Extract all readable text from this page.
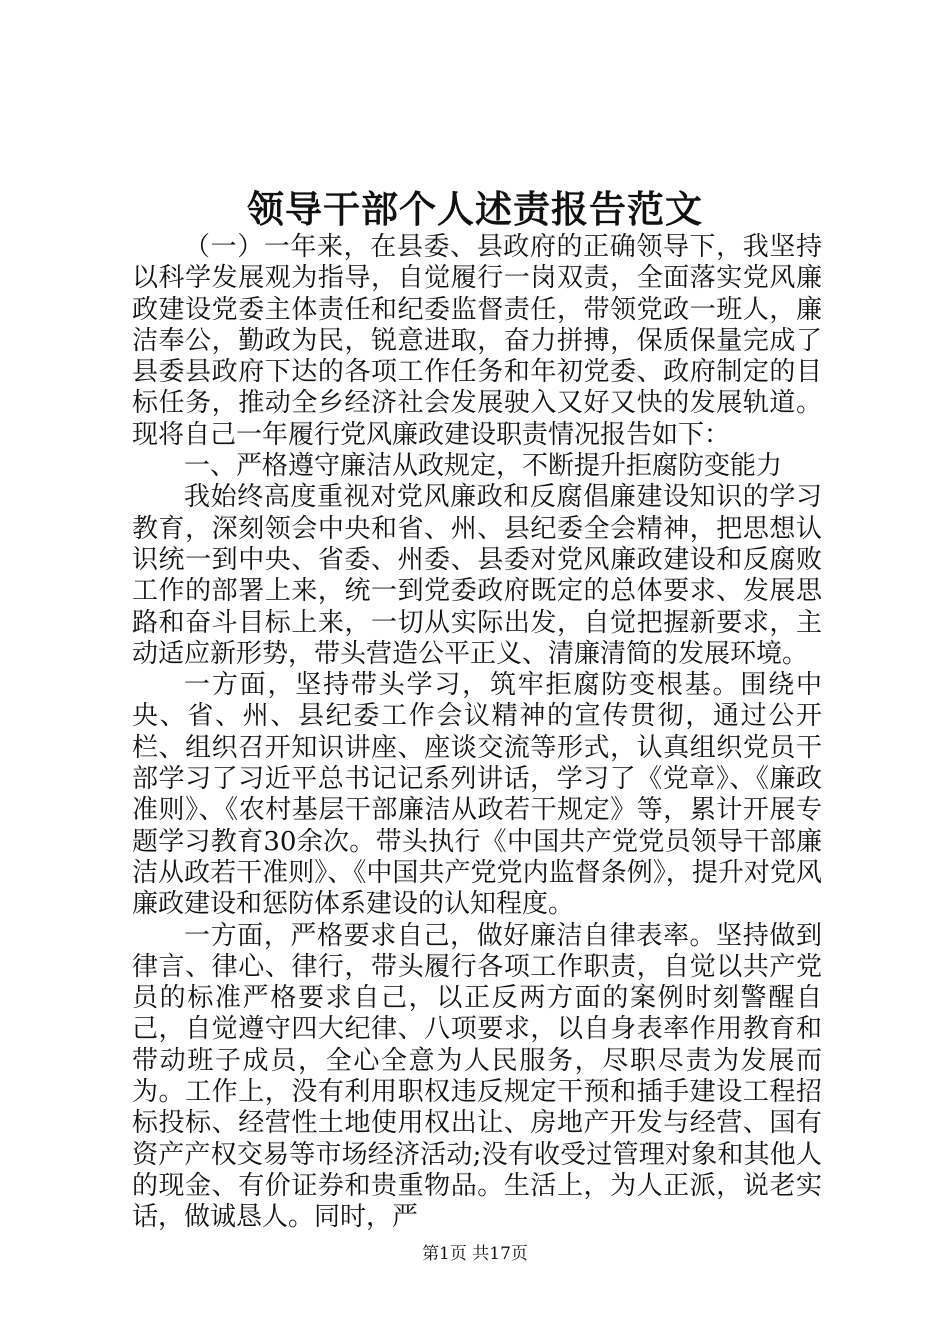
领导干部个人述责报告范文

（一）一年来，在县委、县政府的正确领导下，我坚持以科学发展观为指导，自觉履行一岗双责，全面落实党风廉政建设党委主体责任和纪委监督责任，带领党政一班人，廉洁奉公，勤政为民，锐意进取，奋力拼搏，保质保量完成了县委县政府下达的各项工作任务和年初党委、政府制定的目标任务，推动全乡经济社会发展驶入又好又快的发展轨道。现将自己一年履行党风廉政建设职责情况报告如下：

一、严格遵守廉洁从政规定，不断提升拒腐防变能力

我始终高度重视对党风廉政和反腐倡廉建设知识的学习教育，深刻领会中央和省、州、县纪委全会精神，把思想认识统一到中央、省委、州委、县委对党风廉政建设和反腐败工作的部署上来，统一到党委政府既定的总体要求、发展思路和奋斗目标上来，一切从实际出发，自觉把握新要求，主动适应新形势，带头营造公平正义、清廉清简的发展环境。

一方面，坚持带头学习，筑牢拒腐防变根基。围绕中央、省、州、县纪委工作会议精神的宣传贯彻，通过公开栏、组织召开知识讲座、座谈交流等形式，认真组织党员干部学习了习近平总书记记系列讲话，学习了《党章》、《廉政准则》、《农村基层干部廉洁从政若干规定》等，累计开展专题学习教育30余次。带头执行《中国共产党党员领导干部廉洁从政若干准则》、《中国共产党党内监督条例》，提升对党风廉政建设和惩防体系建设的认知程度。

一方面，严格要求自己，做好廉洁自律表率。坚持做到律言、律心、律行，带头履行各项工作职责，自觉以共产党员的标准严格要求自己，以正反两方面的案例时刻警醒自己，自觉遵守四大纪律、八项要求，以自身表率作用教育和带动班子成员，全心全意为人民服务，尽职尽责为发展而为。工作上，没有利用职权违反规定干预和插手建设工程招标投标、经营性土地使用权出让、房地产开发与经营、国有资产产权交易等市场经济活动;没有收受过管理对象和其他人的现金、有价证券和贵重物品。生活上，为人正派，说老实话，做诚恳人。同时，严

第1页 共17页
